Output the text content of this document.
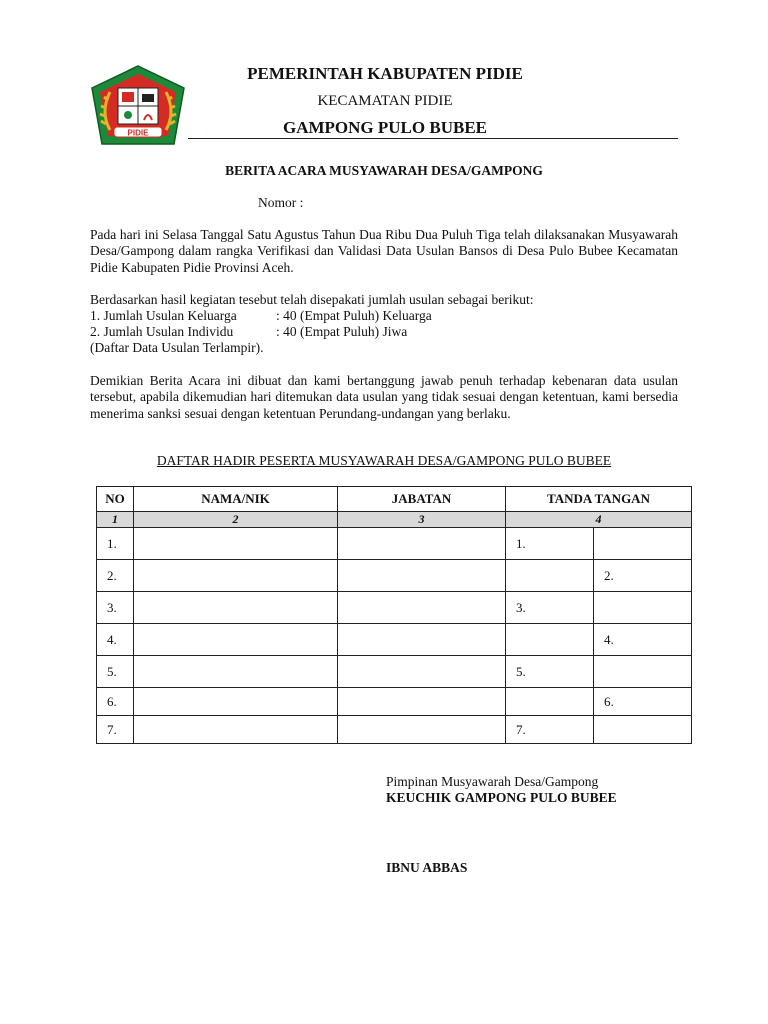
PIDIE
PEMERINTAH KABUPATEN PIDIE
KECAMATAN PIDIE
GAMPONG PULO BUBEE
BERITA ACARA MUSYAWARAH DESA/GAMPONG
Nomor :
Pada hari ini Selasa Tanggal Satu Agustus Tahun Dua Ribu Dua Puluh Tiga telah dilaksanakan Musyawarah Desa/Gampong dalam rangka Verifikasi dan Validasi Data Usulan Bansos di Desa Pulo Bubee Kecamatan Pidie Kabupaten Pidie Provinsi Aceh.
Berdasarkan hasil kegiatan tesebut telah disepakati jumlah usulan sebagai berikut:
1. Jumlah Usulan Keluarga	: 40 (Empat Puluh) Keluarga
2. Jumlah Usulan Individu	: 40 (Empat Puluh) Jiwa
(Daftar Data Usulan Terlampir).
Demikian Berita Acara ini dibuat dan kami bertanggung jawab penuh terhadap kebenaran data usulan tersebut, apabila dikemudian hari ditemukan data usulan yang tidak sesuai dengan ketentuan, kami bersedia menerima sanksi sesuai dengan ketentuan Perundang-undangan yang berlaku.
DAFTAR HADIR PESERTA MUSYAWARAH DESA/GAMPONG PULO BUBEE
NO	NAMA/NIK	JABATAN	TANDA TANGAN	
1	2	3	4	
1.			1.	
2.				2.
3.			3.	
4.				4.
5.			5.	
6.				6.
7.			7.	
Pimpinan Musyawarah Desa/Gampong
KEUCHIK GAMPONG PULO BUBEE
IBNU ABBAS
